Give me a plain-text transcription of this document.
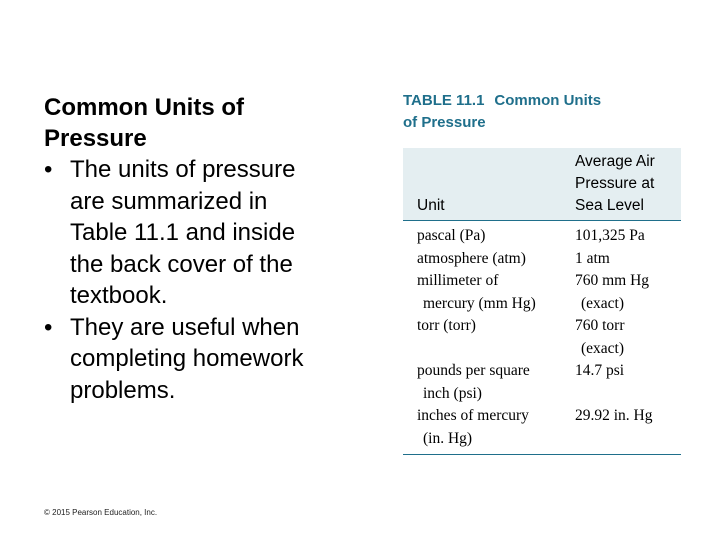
Common Units of
Pressure
• The units of pressure
are summarized in
Table 11.1 and inside
the back cover of the
textbook.
• They are useful when
completing homework
problems.
TABLE 11.1 Common Units
of Pressure
Unit	Average Air
Pressure at
Sea Level

pascal (Pa)	101,325 Pa

atmosphere (atm)	1 atm

millimeter of
mercury (mm Hg)	760 mm Hg
(exact)

torr (torr)	760 torr
(exact)

pounds per square
inch (psi)	14.7 psi

inches of mercury
(in. Hg)	29.92 in. Hg
© 2015 Pearson Education, Inc.
